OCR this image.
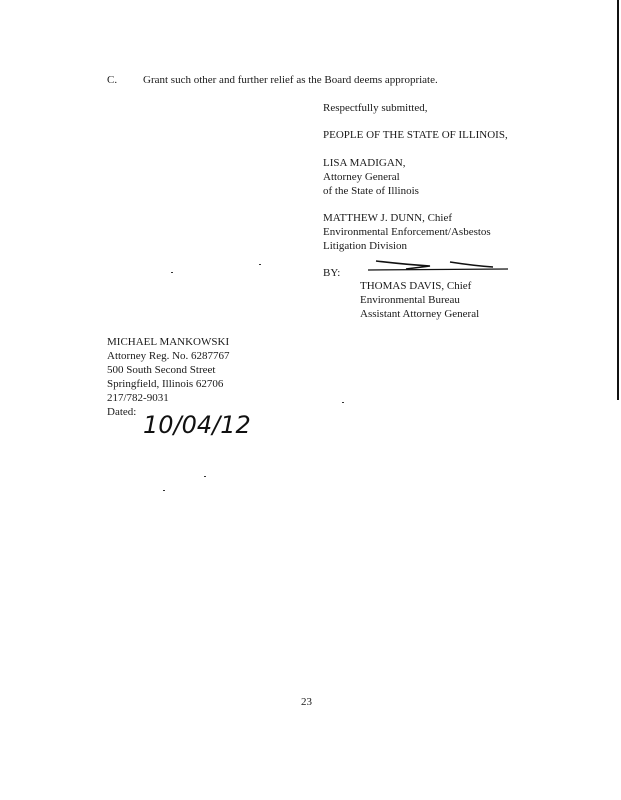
C. Grant such other and further relief as the Board deems appropriate.
Respectfully submitted,
PEOPLE OF THE STATE OF ILLINOIS,
LISA MADIGAN,
Attorney General
of the State of Illinois
MATTHEW J. DUNN, Chief
Environmental Enforcement/Asbestos
Litigation Division
BY:
THOMAS DAVIS, Chief
Environmental Bureau
Assistant Attorney General
MICHAEL MANKOWSKI
Attorney Reg. No. 6287767
500 South Second Street
Springfield, Illinois 62706
217/782-9031
Dated: 10/04/12
23
